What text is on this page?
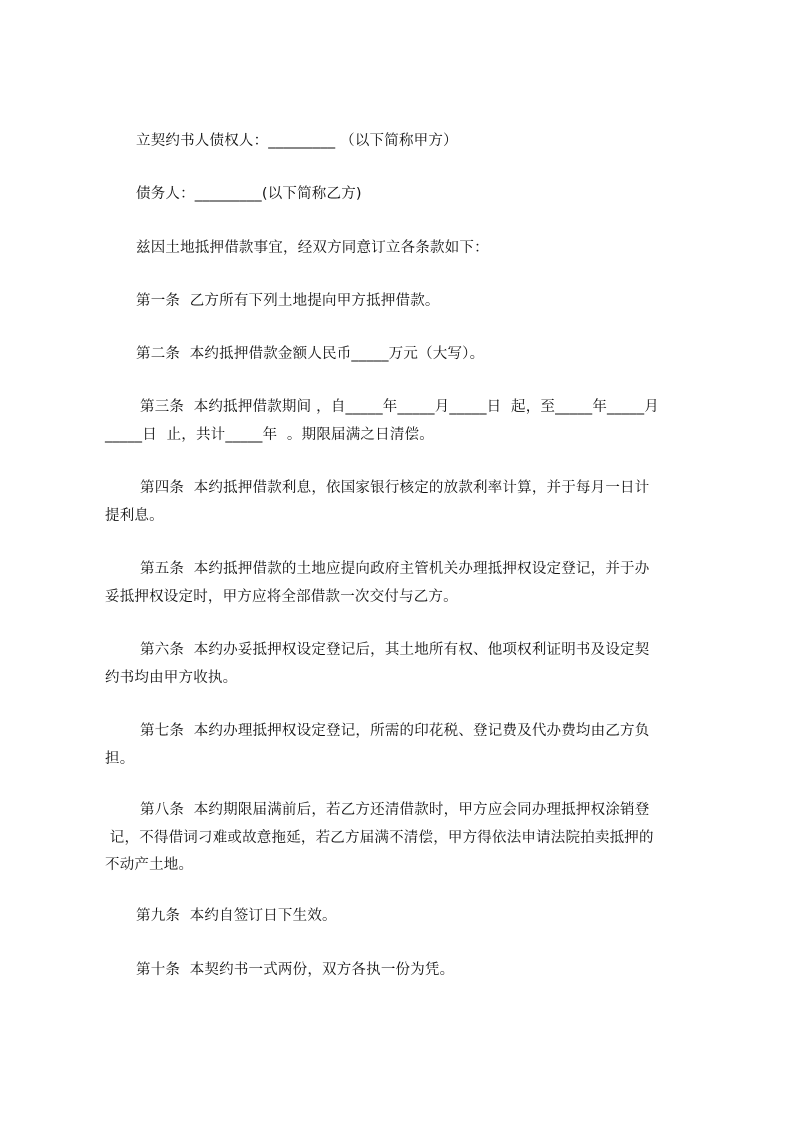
立契约书人债权人：_________ （以下简称甲方）
债务人：_________(以下简称乙方)
兹因土地抵押借款事宜，经双方同意订立各条款如下：
第一条  乙方所有下列土地提向甲方抵押借款。
第二条  本约抵押借款金额人民币_____万元（大写）。
第三条  本约抵押借款期间 ，自_____年_____月_____日  起，至_____年_____月
_____日  止，共计_____年  。期限届满之日清偿。
第四条  本约抵押借款利息，依国家银行核定的放款利率计算，并于每月一日计
提利息。
第五条  本约抵押借款的土地应提向政府主管机关办理抵押权设定登记，并于办
妥抵押权设定时，甲方应将全部借款一次交付与乙方。
第六条  本约办妥抵押权设定登记后，其土地所有权、他项权利证明书及设定契
约书均由甲方收执。
第七条  本约办理抵押权设定登记，所需的印花税、登记费及代办费均由乙方负
担。
第八条  本约期限届满前后，若乙方还清借款时，甲方应会同办理抵押权涂销登
记，不得借词刁难或故意拖延，若乙方届满不清偿，甲方得依法申请法院拍卖抵押的
不动产土地。
第九条  本约自签订日下生效。
第十条  本契约书一式两份，双方各执一份为凭。
